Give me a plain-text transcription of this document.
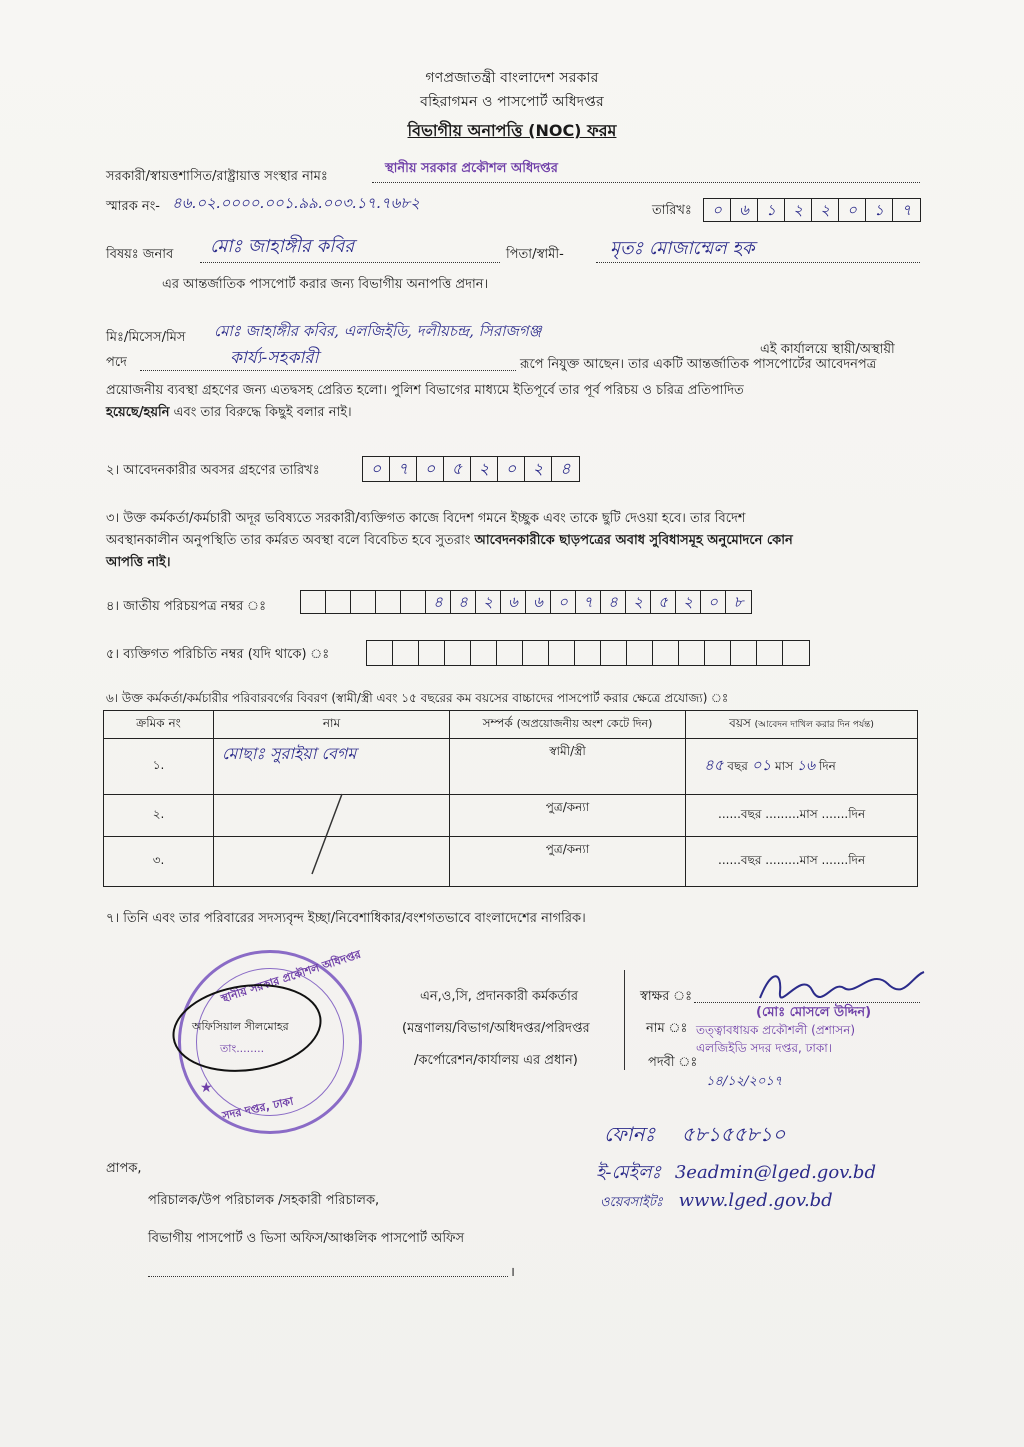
গণপ্রজাতন্ত্রী বাংলাদেশ সরকার
বহিরাগমন ও পাসপোর্ট অধিদপ্তর
বিভাগীয় অনাপত্তি (NOC) ফরম
সরকারী/স্বায়ত্তশাসিত/রাষ্ট্রায়াত্ত সংস্থার নামঃ
স্থানীয় সরকার প্রকৌশল অধিদপ্তর
স্মারক নং- ৪৬.০২.০০০০.০০১.৯৯.০০৩.১৭.৭৬৮২	তারিখঃ	০	৬	১	২	২	০	১	৭
বিষয়ঃ জনাব মোঃ জাহাঙ্গীর কবির	পিতা/স্বামী-	মৃতঃ মোজাম্মেল হক
এর আন্তর্জাতিক পাসপোর্ট করার জন্য বিভাগীয় অনাপত্তি প্রদান।
মিঃ/মিসেস/মিস মোঃ জাহাঙ্গীর কবির, এলজিইডি, দলীয়চন্দ্র, সিরাজগঞ্জ
এই কার্যালয়ে স্থায়ী/অস্থায়ী
পদে	কার্য্য-সহকারী	রূপে নিযুক্ত আছেন। তার একটি আন্তর্জাতিক পাসপোর্টের আবেদনপত্র
প্রয়োজনীয় ব্যবস্থা গ্রহণের জন্য এতদ্বসহ প্রেরিত হলো। পুলিশ বিভাগের মাধ্যমে ইতিপূর্বে তার পূর্ব পরিচয় ও চরিত্র প্রতিপাদিত
হয়েছে/হয়নি এবং তার বিরুদ্ধে কিছুই বলার নাই।
২। আবেদনকারীর অবসর গ্রহণের তারিখঃ	০	৭	০	৫	২	০	২	৪
৩। উক্ত কর্মকর্তা/কর্মচারী অদূর ভবিষ্যতে সরকারী/ব্যক্তিগত কাজে বিদেশ গমনে ইচ্ছুক এবং তাকে ছুটি দেওয়া হবে। তার বিদেশ
অবস্থানকালীন অনুপস্থিতি তার কর্মরত অবস্থা বলে বিবেচিত হবে সুতরাং আবেদনকারীকে ছাড়পত্রের অবাধ সুবিধাসমূহ অনুমোদনে কোন
আপত্তি নাই।
৪। জাতীয় পরিচয়পত্র নম্বর ঃ	৪	৪	২	৬	৬	০	৭	৪	২	৫	২	০	৮
৫। ব্যক্তিগত পরিচিতি নম্বর (যদি থাকে) ঃ
৬। উক্ত কর্মকর্তা/কর্মচারীর পরিবারবর্গের বিবরণ (স্বামী/স্ত্রী এবং ১৫ বছরের কম বয়সের বাচ্চাদের পাসপোর্ট করার ক্ষেত্রে প্রযোজ্য) ঃ
ক্রমিক নং	নাম	সম্পর্ক (অপ্রয়োজনীয় অংশ কেটে দিন)	বয়স (আবেদন দাখিল করার দিন পর্যন্ত)
১.	মোছাঃ সুরাইয়া বেগম	স্বামী/স্ত্রী	৪৫ বছর ০১ মাস ১৬ দিন
২.		পুত্র/কন্যা	......বছর .........মাস .......দিন
৩.		পুত্র/কন্যা	......বছর .........মাস .......দিন
৭। তিনি এবং তার পরিবারের সদস্যবৃন্দ ইচ্ছা/নিবেশাধিকার/বংশগতভাবে বাংলাদেশের নাগরিক।
স্থানীয় সরকার প্রকৌশল অধিদপ্তর
সদর দপ্তর, ঢাকা
★
অফিসিয়াল সীলমোহর
তাং........
এন,ও,সি, প্রদানকারী কর্মকর্তার
(মন্ত্রণালয়/বিভাগ/অধিদপ্তর/পরিদপ্তর
/কর্পোরেশন/কার্যালয় এর প্রধান)
স্বাক্ষর ঃ
নাম ঃ
(মোঃ মোসলে উদ্দিন)
তত্ত্বাবধায়ক প্রকৌশলী (প্রশাসন)
পদবী ঃ
এলজিইডি সদর দপ্তর, ঢাকা।
১৪/১২/২০১৭
ফোনঃ ৫৮১৫৫৮১০
ই-মেইলঃ 3eadmin@lged.gov.bd
ওয়েবসাইটঃ www.lged.gov.bd
প্রাপক,
পরিচালক/উপ পরিচালক /সহকারী পরিচালক,
বিভাগীয় পাসপোর্ট ও ভিসা অফিস/আঞ্চলিক পাসপোর্ট অফিস
।
